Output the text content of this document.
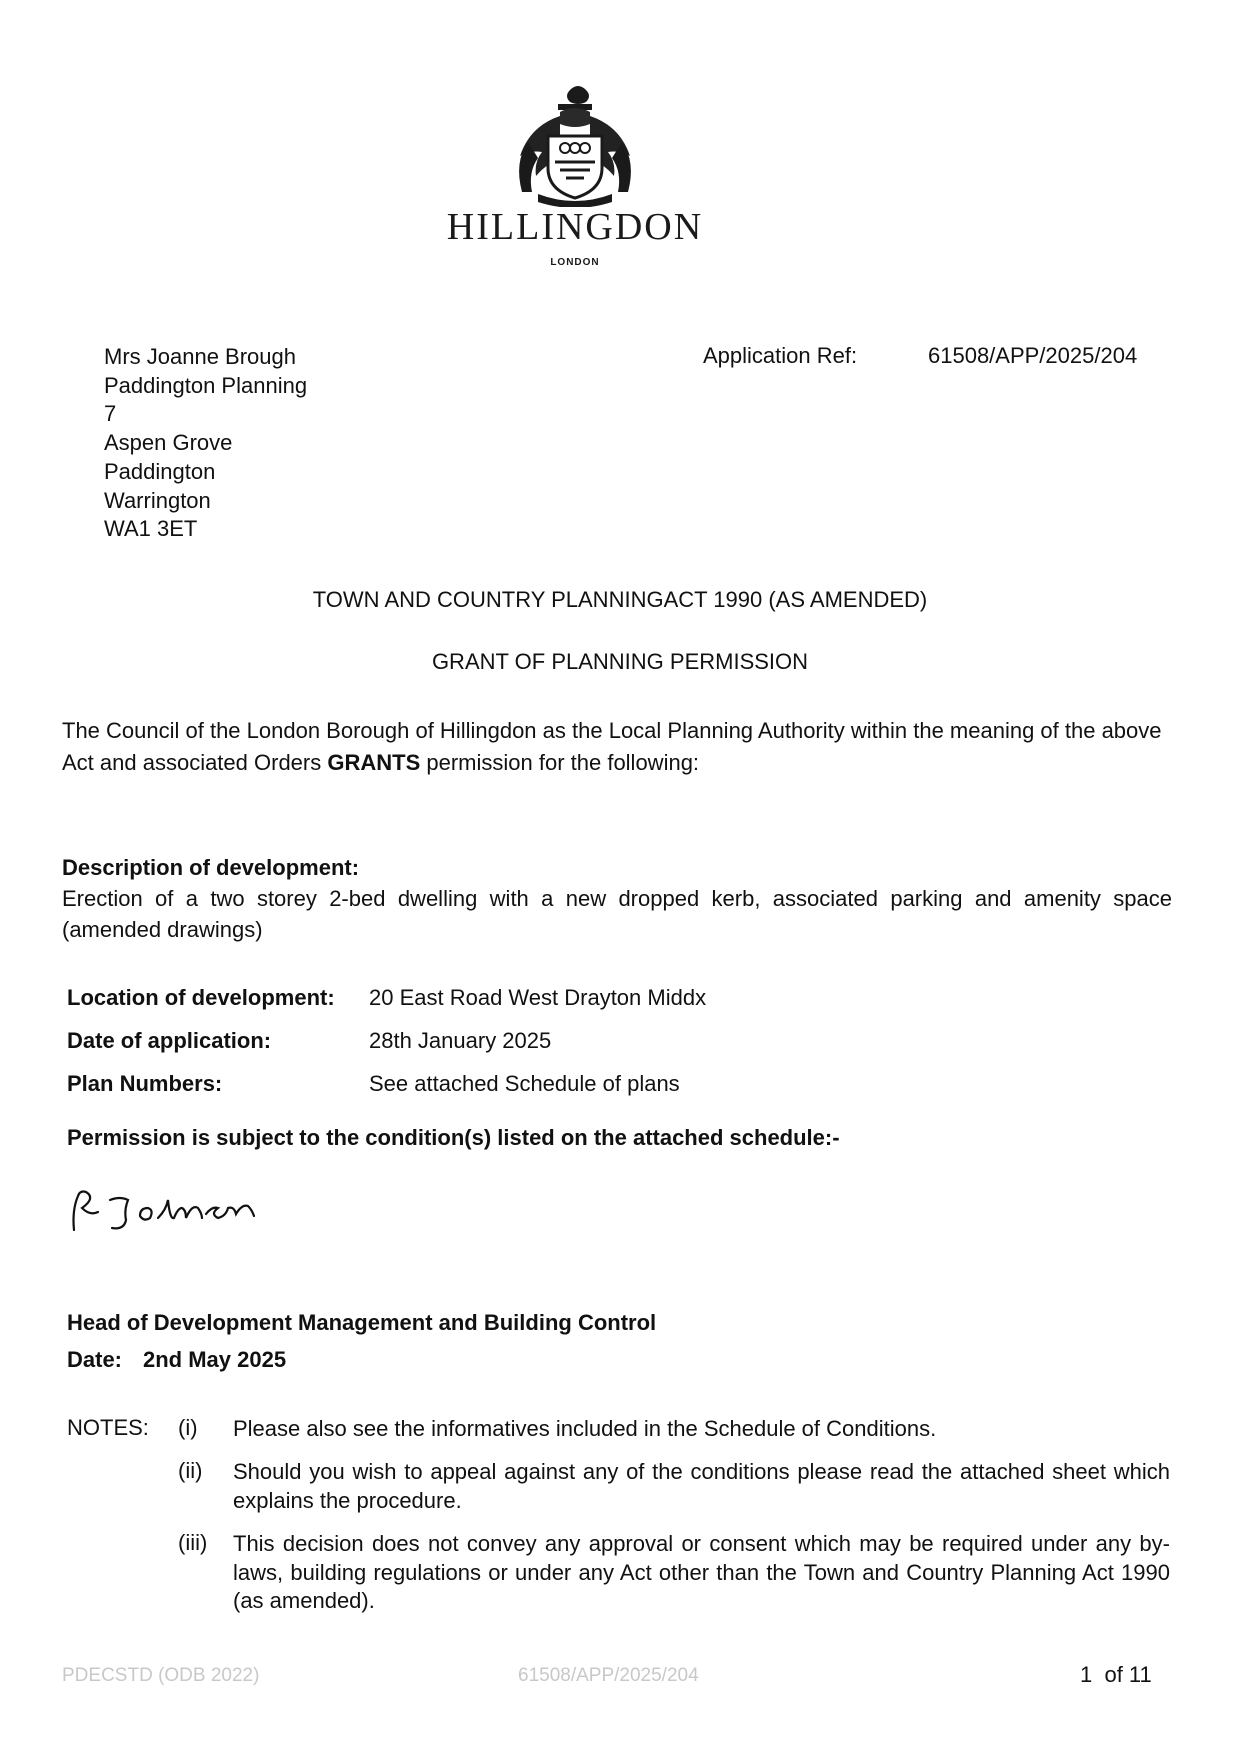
HILLINGDON
LONDON
Mrs Joanne Brough
Paddington Planning
7
Aspen Grove
Paddington
Warrington
WA1 3ET
Application Ref:	61508/APP/2025/204
TOWN AND COUNTRY PLANNINGACT 1990 (AS AMENDED)
GRANT OF PLANNING PERMISSION
The Council of the London Borough of Hillingdon as the Local Planning Authority within the meaning of the above Act and associated Orders GRANTS permission for the following:
Description of development:
Erection of a two storey 2-bed dwelling with a new dropped kerb, associated parking and amenity space (amended drawings)
Location of development: 20 East Road West Drayton Middx
Date of application:	28th January 2025
Plan Numbers:	See attached Schedule of plans
Permission is subject to the condition(s) listed on the attached schedule:-
Head of Development Management and Building Control
Date: 2nd May 2025
NOTES: (i) Please also see the informatives included in the Schedule of Conditions.
(ii) Should you wish to appeal against any of the conditions please read the attached sheet which explains the procedure.
(iii) This decision does not convey any approval or consent which may be required under any by-laws, building regulations or under any Act other than the Town and Country Planning Act 1990 (as amended).
PDECSTD (ODB 2022)	61508/APP/2025/204	1  of 11
